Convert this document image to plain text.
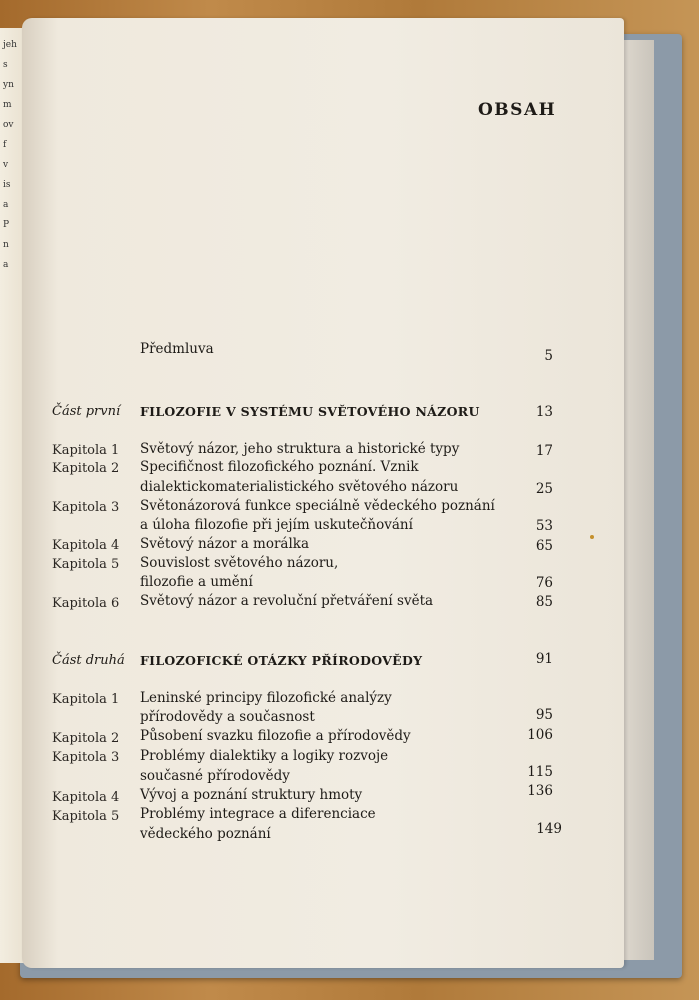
jeh
s
yn
m
ov
f
v
is
a
P
n
a
OBSAH
Předmluva	5
Část první FILOZOFIE V SYSTÉMU SVĚTOVÉHO NÁZORU	13
Kapitola 1 Světový názor, jeho struktura a historické typy	17
Kapitola 2 Specifičnost filozofického poznání. Vznik
dialektickomaterialistického světového názoru	25
Kapitola 3 Světonázorová funkce speciálně vědeckého poznání
a úloha filozofie při jejím uskutečňování	53
Kapitola 4 Světový názor a morálka	65
Kapitola 5 Souvislost světového názoru,
filozofie a umění	76
Kapitola 6 Světový názor a revoluční přetváření světa	85
Část druhá FILOZOFICKÉ OTÁZKY PŘÍRODOVĚDY	91
Kapitola 1 Leninské principy filozofické analýzy
přírodovědy a současnost	95
Kapitola 2 Působení svazku filozofie a přírodovědy	106
Kapitola 3 Problémy dialektiky a logiky rozvoje
současné přírodovědy	115
Kapitola 4 Vývoj a poznání struktury hmoty	136
Kapitola 5 Problémy integrace a diferenciace
vědeckého poznání	149
